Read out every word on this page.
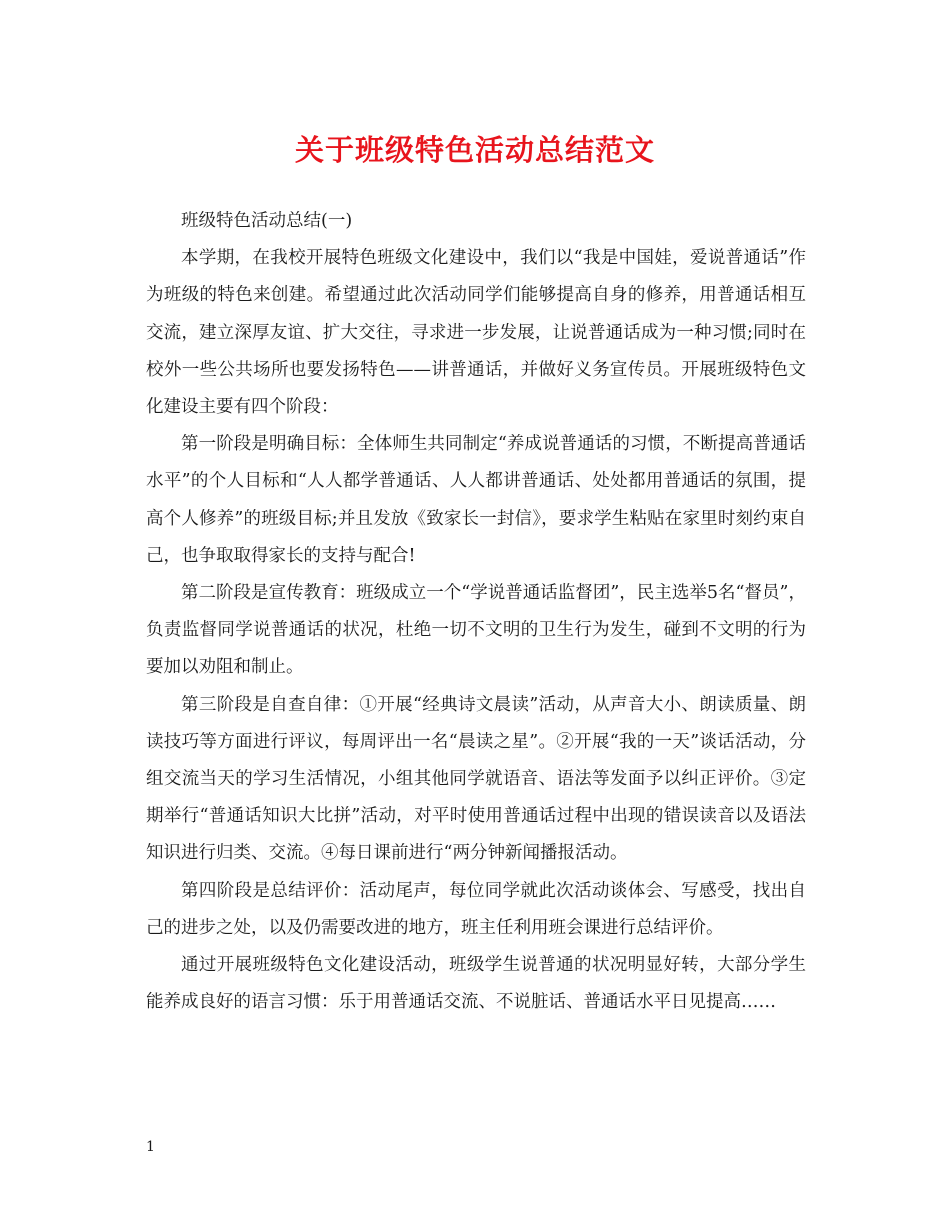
关于班级特色活动总结范文

班级特色活动总结(一)

本学期，在我校开展特色班级文化建设中，我们以“我是中国娃，爱说普通话”作为班级的特色来创建。希望通过此次活动同学们能够提高自身的修养，用普通话相互交流，建立深厚友谊、扩大交往，寻求进一步发展，让说普通话成为一种习惯;同时在校外一些公共场所也要发扬特色——讲普通话，并做好义务宣传员。开展班级特色文化建设主要有四个阶段：

第一阶段是明确目标：全体师生共同制定“养成说普通话的习惯，不断提高普通话水平”的个人目标和“人人都学普通话、人人都讲普通话、处处都用普通话的氛围，提高个人修养”的班级目标;并且发放《致家长一封信》，要求学生粘贴在家里时刻约束自己，也争取取得家长的支持与配合!

第二阶段是宣传教育：班级成立一个“学说普通话监督团”，民主选举5名“督员”，负责监督同学说普通话的状况，杜绝一切不文明的卫生行为发生，碰到不文明的行为要加以劝阻和制止。

第三阶段是自查自律：①开展“经典诗文晨读”活动，从声音大小、朗读质量、朗读技巧等方面进行评议，每周评出一名“晨读之星”。②开展“我的一天”谈话活动，分组交流当天的学习生活情况，小组其他同学就语音、语法等发面予以纠正评价。③定期举行“普通话知识大比拼”活动，对平时使用普通话过程中出现的错误读音以及语法知识进行归类、交流。④每日课前进行“两分钟新闻播报活动。

第四阶段是总结评价：活动尾声，每位同学就此次活动谈体会、写感受，找出自己的进步之处，以及仍需要改进的地方，班主任利用班会课进行总结评价。

通过开展班级特色文化建设活动，班级学生说普通的状况明显好转，大部分学生能养成良好的语言习惯：乐于用普通话交流、不说脏话、普通话水平日见提高……

1
